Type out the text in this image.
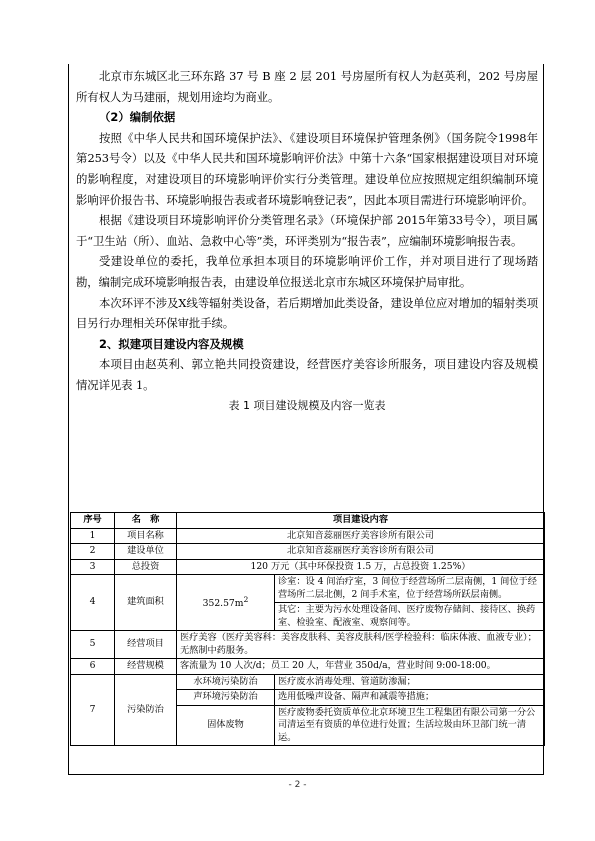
北京市东城区北三环东路 37 号 B 座 2 层 201 号房屋所有权人为赵英利，202 号房屋所有权人为马建丽，规划用途均为商业。
（2）编制依据
按照《中华人民共和国环境保护法》、《建设项目环境保护管理条例》（国务院令1998年第253号令）以及《中华人民共和国环境影响评价法》中第十六条“国家根据建设项目对环境的影响程度，对建设项目的环境影响评价实行分类管理。建设单位应按照规定组织编制环境影响评价报告书、环境影响报告表或者环境影响登记表”，因此本项目需进行环境影响评价。
根据《建设项目环境影响评价分类管理名录》（环境保护部 2015年第33号令），项目属于“卫生站（所）、血站、急救中心等”类，环评类别为“报告表”，应编制环境影响报告表。
受建设单位的委托，我单位承担本项目的环境影响评价工作，并对项目进行了现场踏勘，编制完成环境影响报告表，由建设单位报送北京市东城区环境保护局审批。
本次环评不涉及X线等辐射类设备，若后期增加此类设备，建设单位应对增加的辐射类项目另行办理相关环保审批手续。
2、拟建项目建设内容及规模
本项目由赵英利、郭立艳共同投资建设，经营医疗美容诊所服务，项目建设内容及规模情况详见表 1。
表 1 项目建设规模及内容一览表
序号	名　称	项目建设内容	
1	项目名称	北京知音蕊丽医疗美容诊所有限公司	
2	建设单位	北京知音蕊丽医疗美容诊所有限公司	
3	总投资	120 万元（其中环保投资 1.5 万，占总投资 1.25%）	
4	建筑面积	$352.57m^2$	诊室：设 4 间治疗室，3 间位于经营场所二层南侧，1 间位于经营场所二层北侧，2 间手术室，位于经营场所跃层南侧。
			其它：主要为污水处理设备间、医疗废物存储间、接待区、换药室、检验室、配液室、观察间等。
5	经营项目	医疗美容（医疗美容科：美容皮肤科、美容皮肤科/医学检验科：临床体液、血液专业）；无熬制中药服务。	
6	经营规模	客流量为 10 人次/d；员工 20 人，年营业 350d/a，营业时间 9:00-18:00。	
7	污染防治	水环境污染防治	医疗废水消毒处理、管道防渗漏；
		声环境污染防治	选用低噪声设备、隔声和减震等措施；
		固体废物	医疗废物委托资质单位北京环境卫生工程集团有限公司第一分公司清运至有资质的单位进行处置；生活垃圾由环卫部门统一清运。
- 2 -
